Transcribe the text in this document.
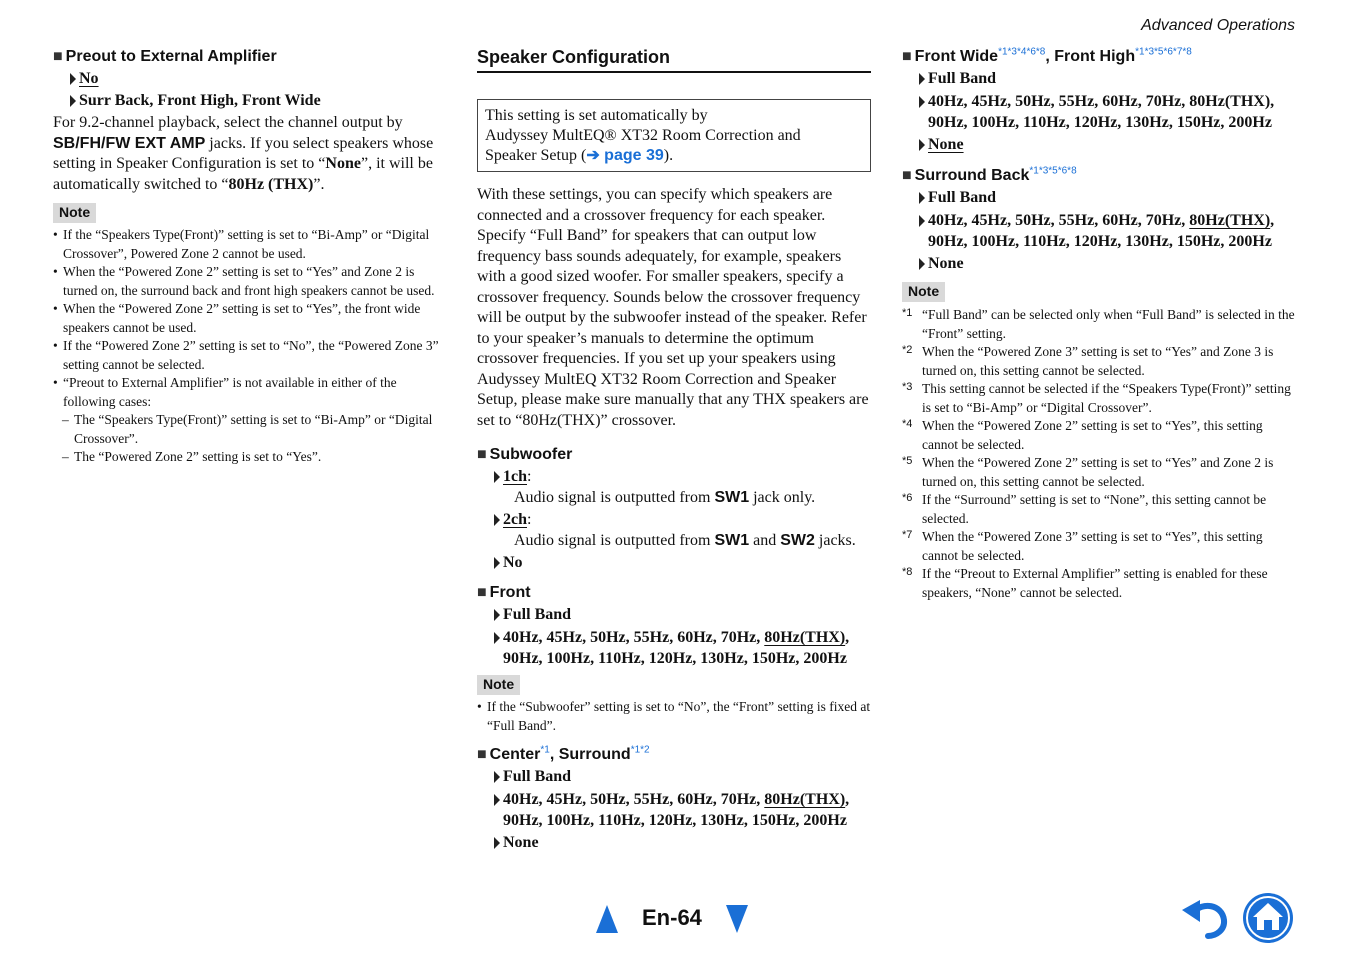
Advanced Operations
■ Preout to External Amplifier
No
Surr Back, Front High, Front Wide
For 9.2-channel playback, select the channel output by SB/FH/FW EXT AMP jacks. If you select speakers whose setting in Speaker Configuration is set to “None”, it will be automatically switched to “80Hz (THX)”.
Note
• If the “Speakers Type(Front)” setting is set to “Bi-Amp” or “Digital Crossover”, Powered Zone 2 cannot be used.
• When the “Powered Zone 2” setting is set to “Yes” and Zone 2 is turned on, the surround back and front high speakers cannot be used.
• When the “Powered Zone 2” setting is set to “Yes”, the front wide speakers cannot be used.
• If the “Powered Zone 2” setting is set to “No”, the “Powered Zone 3” setting cannot be selected.
• “Preout to External Amplifier” is not available in either of the following cases:
– The “Speakers Type(Front)” setting is set to “Bi-Amp” or “Digital Crossover”.
– The “Powered Zone 2” setting is set to “Yes”.
Speaker Configuration
This setting is set automatically by
Audyssey MultEQ® XT32 Room Correction and
Speaker Setup (➔ page 39).
With these settings, you can specify which speakers are connected and a crossover frequency for each speaker. Specify “Full Band” for speakers that can output low frequency bass sounds adequately, for example, speakers with a good sized woofer. For smaller speakers, specify a crossover frequency. Sounds below the crossover frequency will be output by the subwoofer instead of the speaker. Refer to your speaker’s manuals to determine the optimum crossover frequencies. If you set up your speakers using Audyssey MultEQ XT32 Room Correction and Speaker Setup, please make sure manually that any THX speakers are set to “80Hz(THX)” crossover.
■ Subwoofer
1ch:
Audio signal is outputted from SW1 jack only.
2ch:
Audio signal is outputted from SW1 and SW2 jacks.
No
■ Front
Full Band
40Hz, 45Hz, 50Hz, 55Hz, 60Hz, 70Hz, 80Hz(THX),
90Hz, 100Hz, 110Hz, 120Hz, 130Hz, 150Hz, 200Hz
Note
• If the “Subwoofer” setting is set to “No”, the “Front” setting is fixed at “Full Band”.
■ Center$^{*1}$, Surround$^{*1*2}$
Full Band
40Hz, 45Hz, 50Hz, 55Hz, 60Hz, 70Hz, 80Hz(THX),
90Hz, 100Hz, 110Hz, 120Hz, 130Hz, 150Hz, 200Hz
None
■ Front Wide$^{*1*3*4*6*8}$, Front High$^{*1*3*5*6*7*8}$
Full Band
40Hz, 45Hz, 50Hz, 55Hz, 60Hz, 70Hz, 80Hz(THX),
90Hz, 100Hz, 110Hz, 120Hz, 130Hz, 150Hz, 200Hz
None
■ Surround Back$^{*1*3*5*6*8}$
Full Band
40Hz, 45Hz, 50Hz, 55Hz, 60Hz, 70Hz, 80Hz(THX),
90Hz, 100Hz, 110Hz, 120Hz, 130Hz, 150Hz, 200Hz
None
Note
*1 “Full Band” can be selected only when “Full Band” is selected in the “Front” setting.
*2 When the “Powered Zone 3” setting is set to “Yes” and Zone 3 is turned on, this setting cannot be selected.
*3 This setting cannot be selected if the “Speakers Type(Front)” setting is set to “Bi-Amp” or “Digital Crossover”.
*4 When the “Powered Zone 2” setting is set to “Yes”, this setting cannot be selected.
*5 When the “Powered Zone 2” setting is set to “Yes” and Zone 2 is turned on, this setting cannot be selected.
*6 If the “Surround” setting is set to “None”, this setting cannot be selected.
*7 When the “Powered Zone 3” setting is set to “Yes”, this setting cannot be selected.
*8 If the “Preout to External Amplifier” setting is enabled for these speakers, “None” cannot be selected.
En-64
